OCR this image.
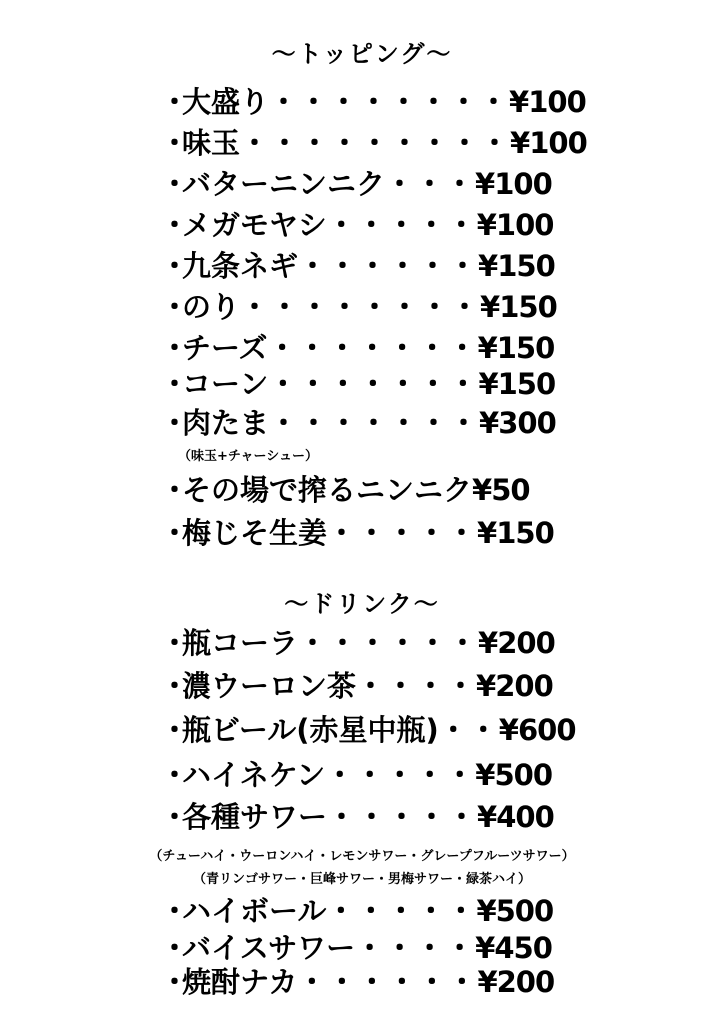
〜トッピング〜
・大盛り・・・・・・・・¥100
・味玉・・・・・・・・・¥100
・バターニンニク・・・¥100
・メガモヤシ・・・・・¥100
・九条ネギ・・・・・・¥150
・のり・・・・・・・・¥150
・チーズ・・・・・・・¥150
・コーン・・・・・・・¥150
・肉たま・・・・・・・¥300
（味玉+チャーシュー）
・その場で搾るニンニク¥50
・梅じそ生姜・・・・・¥150
〜ドリンク〜
・瓶コーラ・・・・・・¥200
・濃ウーロン茶・・・・¥200
・瓶ビール(赤星中瓶)・・¥600
・ハイネケン・・・・・¥500
・各種サワー・・・・・¥400
（チューハイ・ウーロンハイ・レモンサワー・グレープフルーツサワー）
（青リンゴサワー・巨峰サワー・男梅サワー・緑茶ハイ）
・ハイボール・・・・・¥500
・バイスサワー・・・・¥450
・焼酎ナカ・・・・・・¥200
